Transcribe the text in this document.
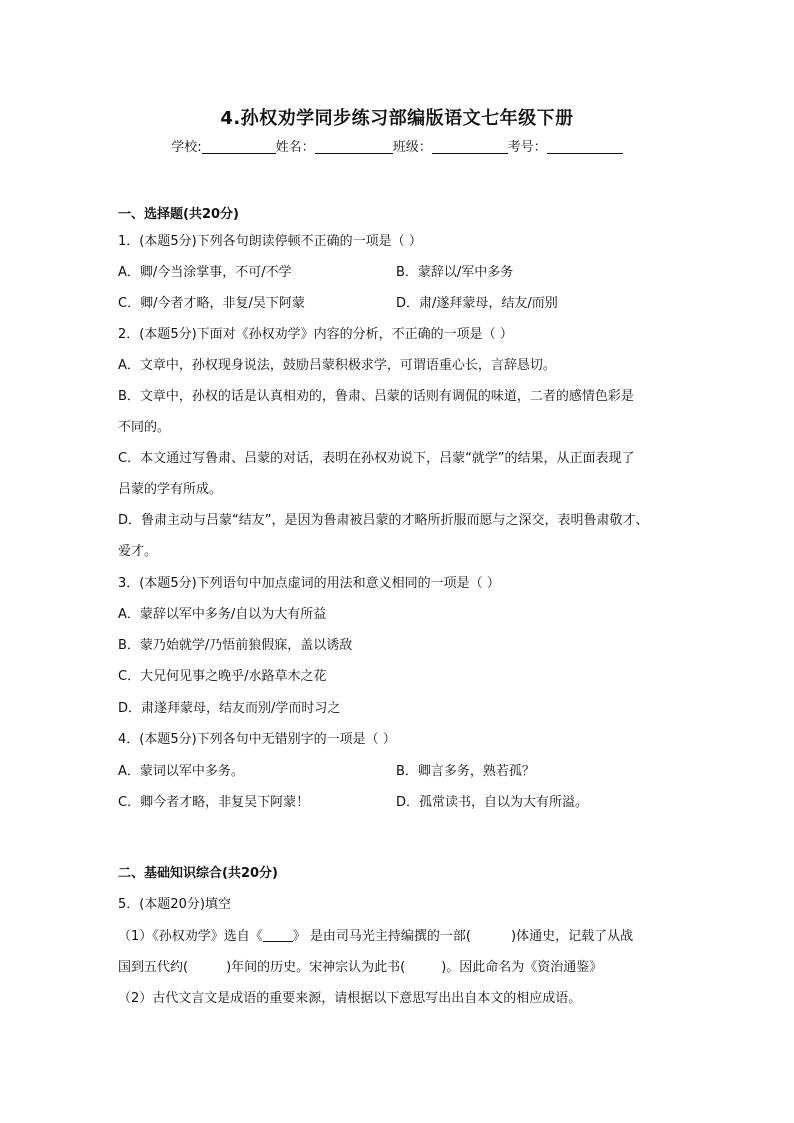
4.孙权劝学同步练习部编版语文七年级下册
学校:	姓名：	班级：	考号：
一、选择题(共20分)
1．(本题5分)下列各句朗读停顿不正确的一项是（ ）
A．卿/今当涂掌事，不可/不学	B．蒙辞以/军中多务
C．卿/今者才略，非复/吴下阿蒙	D．肃/遂拜蒙母，结友/而别
2．(本题5分)下面对《孙权劝学》内容的分析，不正确的一项是（ ）
A．文章中，孙权现身说法，鼓励吕蒙积极求学，可谓语重心长，言辞恳切。
B．文章中，孙权的话是认真相劝的，鲁肃、吕蒙的话则有调侃的味道，二者的感情色彩是
不同的。
C．本文通过写鲁肃、吕蒙的对话，表明在孙权劝说下，吕蒙“就学”的结果，从正面表现了
吕蒙的学有所成。
D．鲁肃主动与吕蒙“结友”，是因为鲁肃被吕蒙的才略所折服而愿与之深交，表明鲁肃敬才、
爱才。
3．(本题5分)下列语句中加点虚词的用法和意义相同的一项是（ ）
A．蒙辞以军中多务/自以为大有所益
B．蒙乃始就学/乃悟前狼假寐，盖以诱敌
C．大兄何见事之晚乎/水路草木之花
D．肃遂拜蒙母，结友而别/学而时习之
4．(本题5分)下列各句中无错别字的一项是（ ）
A．蒙词以军中多务。	B．卿言多务，熟若孤？
C．卿今者才略，非复吴下阿蒙！	D．孤常读书，自以为大有所溢。
二、基础知识综合(共20分)
5．(本题20分)填空
（1）《孙权劝学》选自《 》 是由司马光主持编撰的一部(	)体通史，记载了从战
国到五代约(	)年间的历史。宋神宗认为此书(	)。因此命名为《资治通鉴》
（2）古代文言文是成语的重要来源，请根据以下意思写出出自本文的相应成语。
